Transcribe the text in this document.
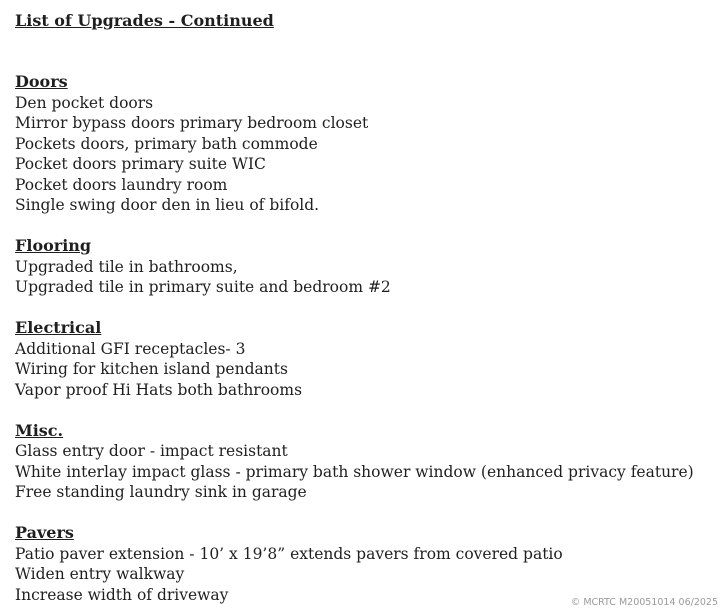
List of Upgrades - Continued
Doors
Den pocket doors
Mirror bypass doors primary bedroom closet
Pockets doors, primary bath commode
Pocket doors primary suite WIC
Pocket doors laundry room
Single swing door den in lieu of bifold.
Flooring
Upgraded tile in bathrooms,
Upgraded tile in primary suite and bedroom #2
Electrical
Additional GFI receptacles- 3
Wiring for kitchen island pendants
Vapor proof Hi Hats both bathrooms
Misc.
Glass entry door - impact resistant
White interlay impact glass - primary bath shower window (enhanced privacy feature)
Free standing laundry sink in garage
Pavers
Patio paver extension - 10’ x 19’8” extends pavers from covered patio
Widen entry walkway
Increase width of driveway	© MCRTC M20051014 06/2025
